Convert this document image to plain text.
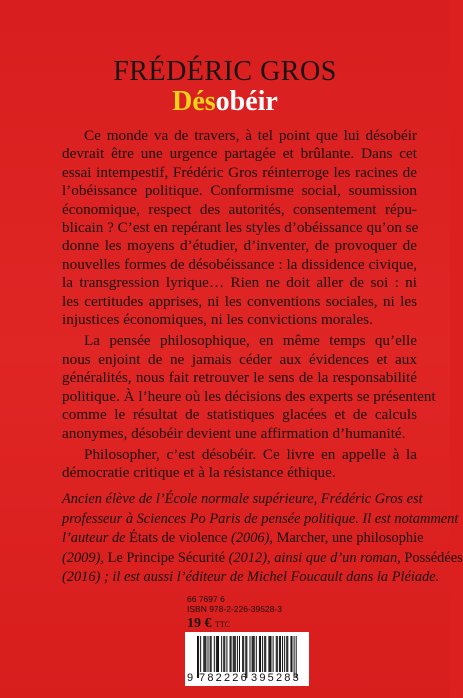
FRÉDÉRIC GROS
Désobéir
Ce monde va de travers, à tel point que lui désobéir
devrait être une urgence partagée et brûlante. Dans cet
essai intempestif, Frédéric Gros réinterroge les racines de
l’obéissance politique. Conformisme social, soumission
économique, respect des autorités, consentement répu-
blicain ? C’est en repérant les styles d’obéissance qu’on se
donne les moyens d’étudier, d’inventer, de provoquer de
nouvelles formes de désobéissance : la dissidence civique,
la transgression lyrique… Rien ne doit aller de soi : ni
les certitudes apprises, ni les conventions sociales, ni les
injustices économiques, ni les convictions morales.
La pensée philosophique, en même temps qu’elle
nous enjoint de ne jamais céder aux évidences et aux
généralités, nous fait retrouver le sens de la responsabilité
politique. À l’heure où les décisions des experts se présentent
comme le résultat de statistiques glacées et de calculs
anonymes, désobéir devient une affirmation d’humanité.
Philosopher, c’est désobéir. Ce livre en appelle à la
démocratie critique et à la résistance éthique.
Ancien élève de l’École normale supérieure, Frédéric Gros est
professeur à Sciences Po Paris de pensée politique. Il est notamment
l’auteur de États de violence (2006), Marcher, une philosophie
(2009), Le Principe Sécurité (2012), ainsi que d’un roman, Possédées
(2016) ; il est aussi l’éditeur de Michel Foucault dans la Pléiade.
66 7697 6
ISBN 978-2-226-39528-3
19 € TTC
9 782226 395283
